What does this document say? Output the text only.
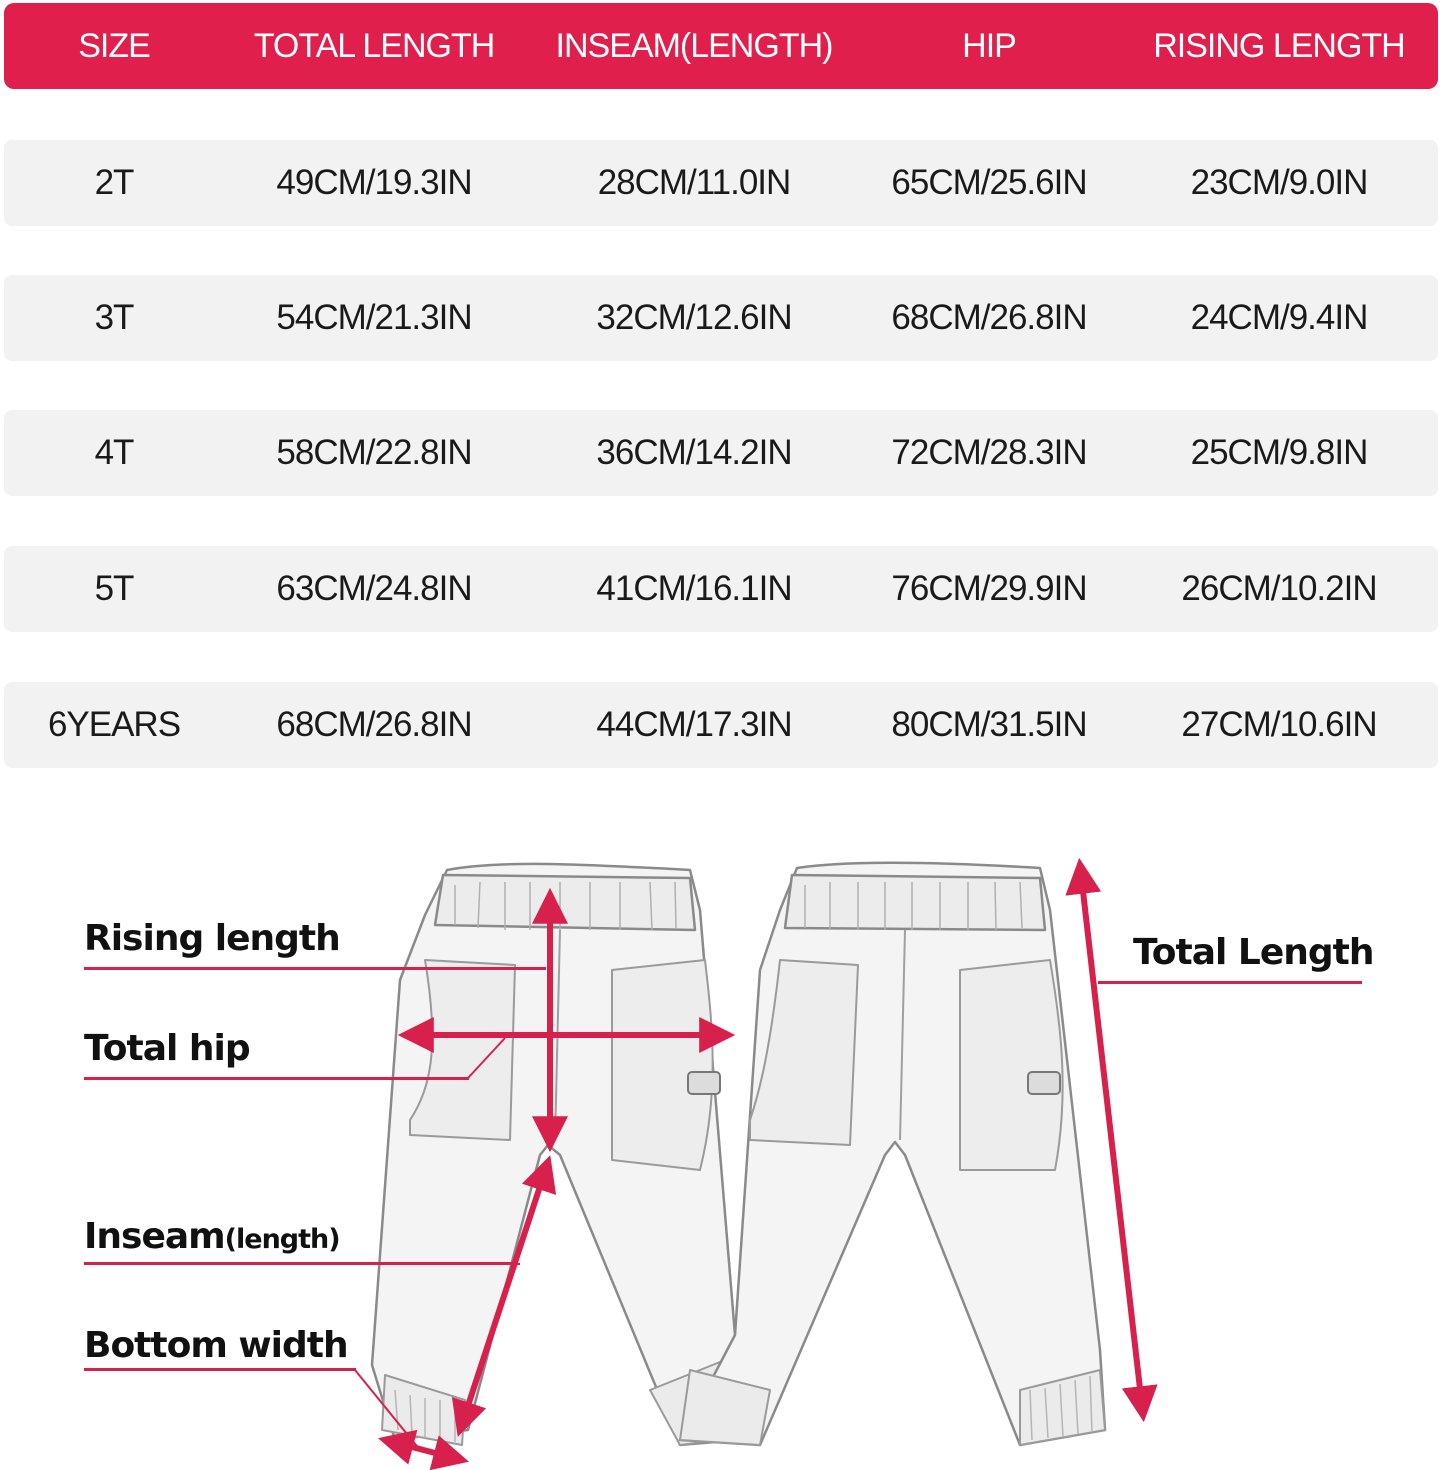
SIZE	TOTAL LENGTH	INSEAM(LENGTH)	HIP	RISING LENGTH
2T	49CM/19.3IN	28CM/11.0IN	65CM/25.6IN	23CM/9.0IN
3T	54CM/21.3IN	32CM/12.6IN	68CM/26.8IN	24CM/9.4IN
4T	58CM/22.8IN	36CM/14.2IN	72CM/28.3IN	25CM/9.8IN
5T	63CM/24.8IN	41CM/16.1IN	76CM/29.9IN	26CM/10.2IN
6YEARS	68CM/26.8IN	44CM/17.3IN	80CM/31.5IN	27CM/10.6IN
Rising length
Total hip
Inseam(length)
Bottom width
Total Length
